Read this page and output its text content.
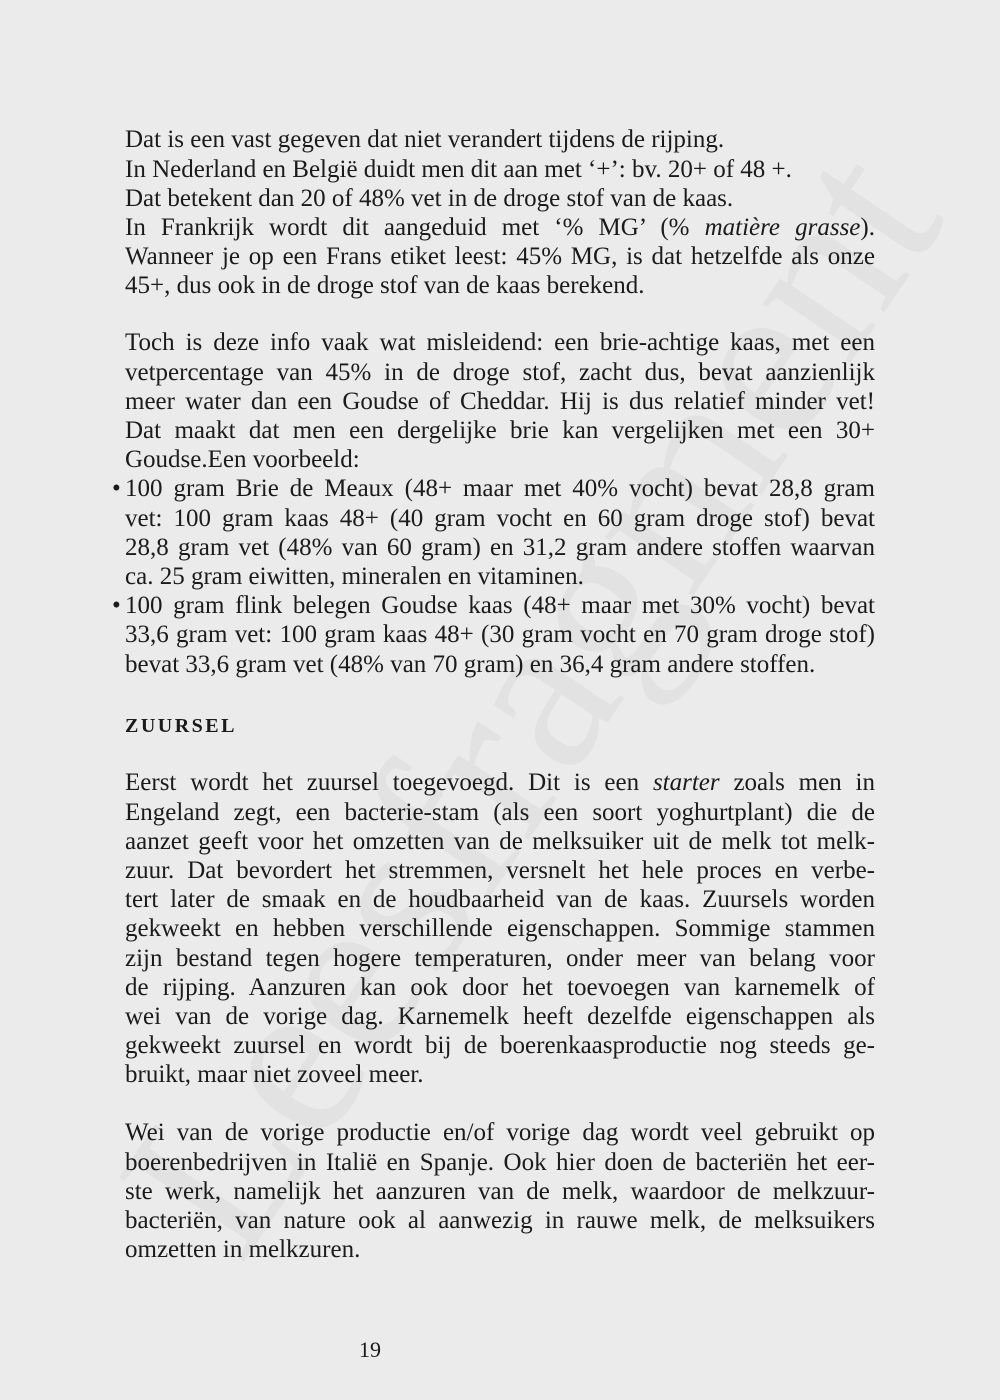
Dat is een vast gegeven dat niet verandert tijdens de rijping.
In Nederland en België duidt men dit aan met ‘+’: bv. 20+ of 48 +.
Dat betekent dan 20 of 48% vet in de droge stof van de kaas.
In Frankrijk wordt dit aangeduid met ‘% MG’ (% matière grasse).
Wanneer je op een Frans etiket leest: 45% MG, is dat hetzelfde als onze
45+, dus ook in de droge stof van de kaas berekend.
Toch is deze info vaak wat misleidend: een brie-achtige kaas, met een
vetpercentage van 45% in de droge stof, zacht dus, bevat aanzienlijk
meer water dan een Goudse of Cheddar. Hij is dus relatief minder vet!
Dat maakt dat men een dergelijke brie kan vergelijken met een 30+
Goudse.Een voorbeeld:
• 100 gram Brie de Meaux (48+ maar met 40% vocht) bevat 28,8 gram
vet: 100 gram kaas 48+ (40 gram vocht en 60 gram droge stof) bevat
28,8 gram vet (48% van 60 gram) en 31,2 gram andere stoffen waarvan
ca. 25 gram eiwitten, mineralen en vitaminen.
• 100 gram flink belegen Goudse kaas (48+ maar met 30% vocht) bevat
33,6 gram vet: 100 gram kaas 48+ (30 gram vocht en 70 gram droge stof)
bevat 33,6 gram vet (48% van 70 gram) en 36,4 gram andere stoffen.
ZUURSEL
Eerst wordt het zuursel toegevoegd. Dit is een starter zoals men in
Engeland zegt, een bacterie-stam (als een soort yoghurtplant) die de
aanzet geeft voor het omzetten van de melksuiker uit de melk tot melk-
zuur. Dat bevordert het stremmen, versnelt het hele proces en verbe-
tert later de smaak en de houdbaarheid van de kaas. Zuursels worden
gekweekt en hebben verschillende eigenschappen. Sommige stammen
zijn bestand tegen hogere temperaturen, onder meer van belang voor
de rijping. Aanzuren kan ook door het toevoegen van karnemelk of
wei van de vorige dag. Karnemelk heeft dezelfde eigenschappen als
gekweekt zuursel en wordt bij de boerenkaasproductie nog steeds ge-
bruikt, maar niet zoveel meer.
Wei van de vorige productie en/of vorige dag wordt veel gebruikt op
boerenbedrijven in Italië en Spanje. Ook hier doen de bacteriën het eer-
ste werk, namelijk het aanzuren van de melk, waardoor de melkzuur-
bacteriën, van nature ook al aanwezig in rauwe melk, de melksuikers
omzetten in melkzuren.
19
